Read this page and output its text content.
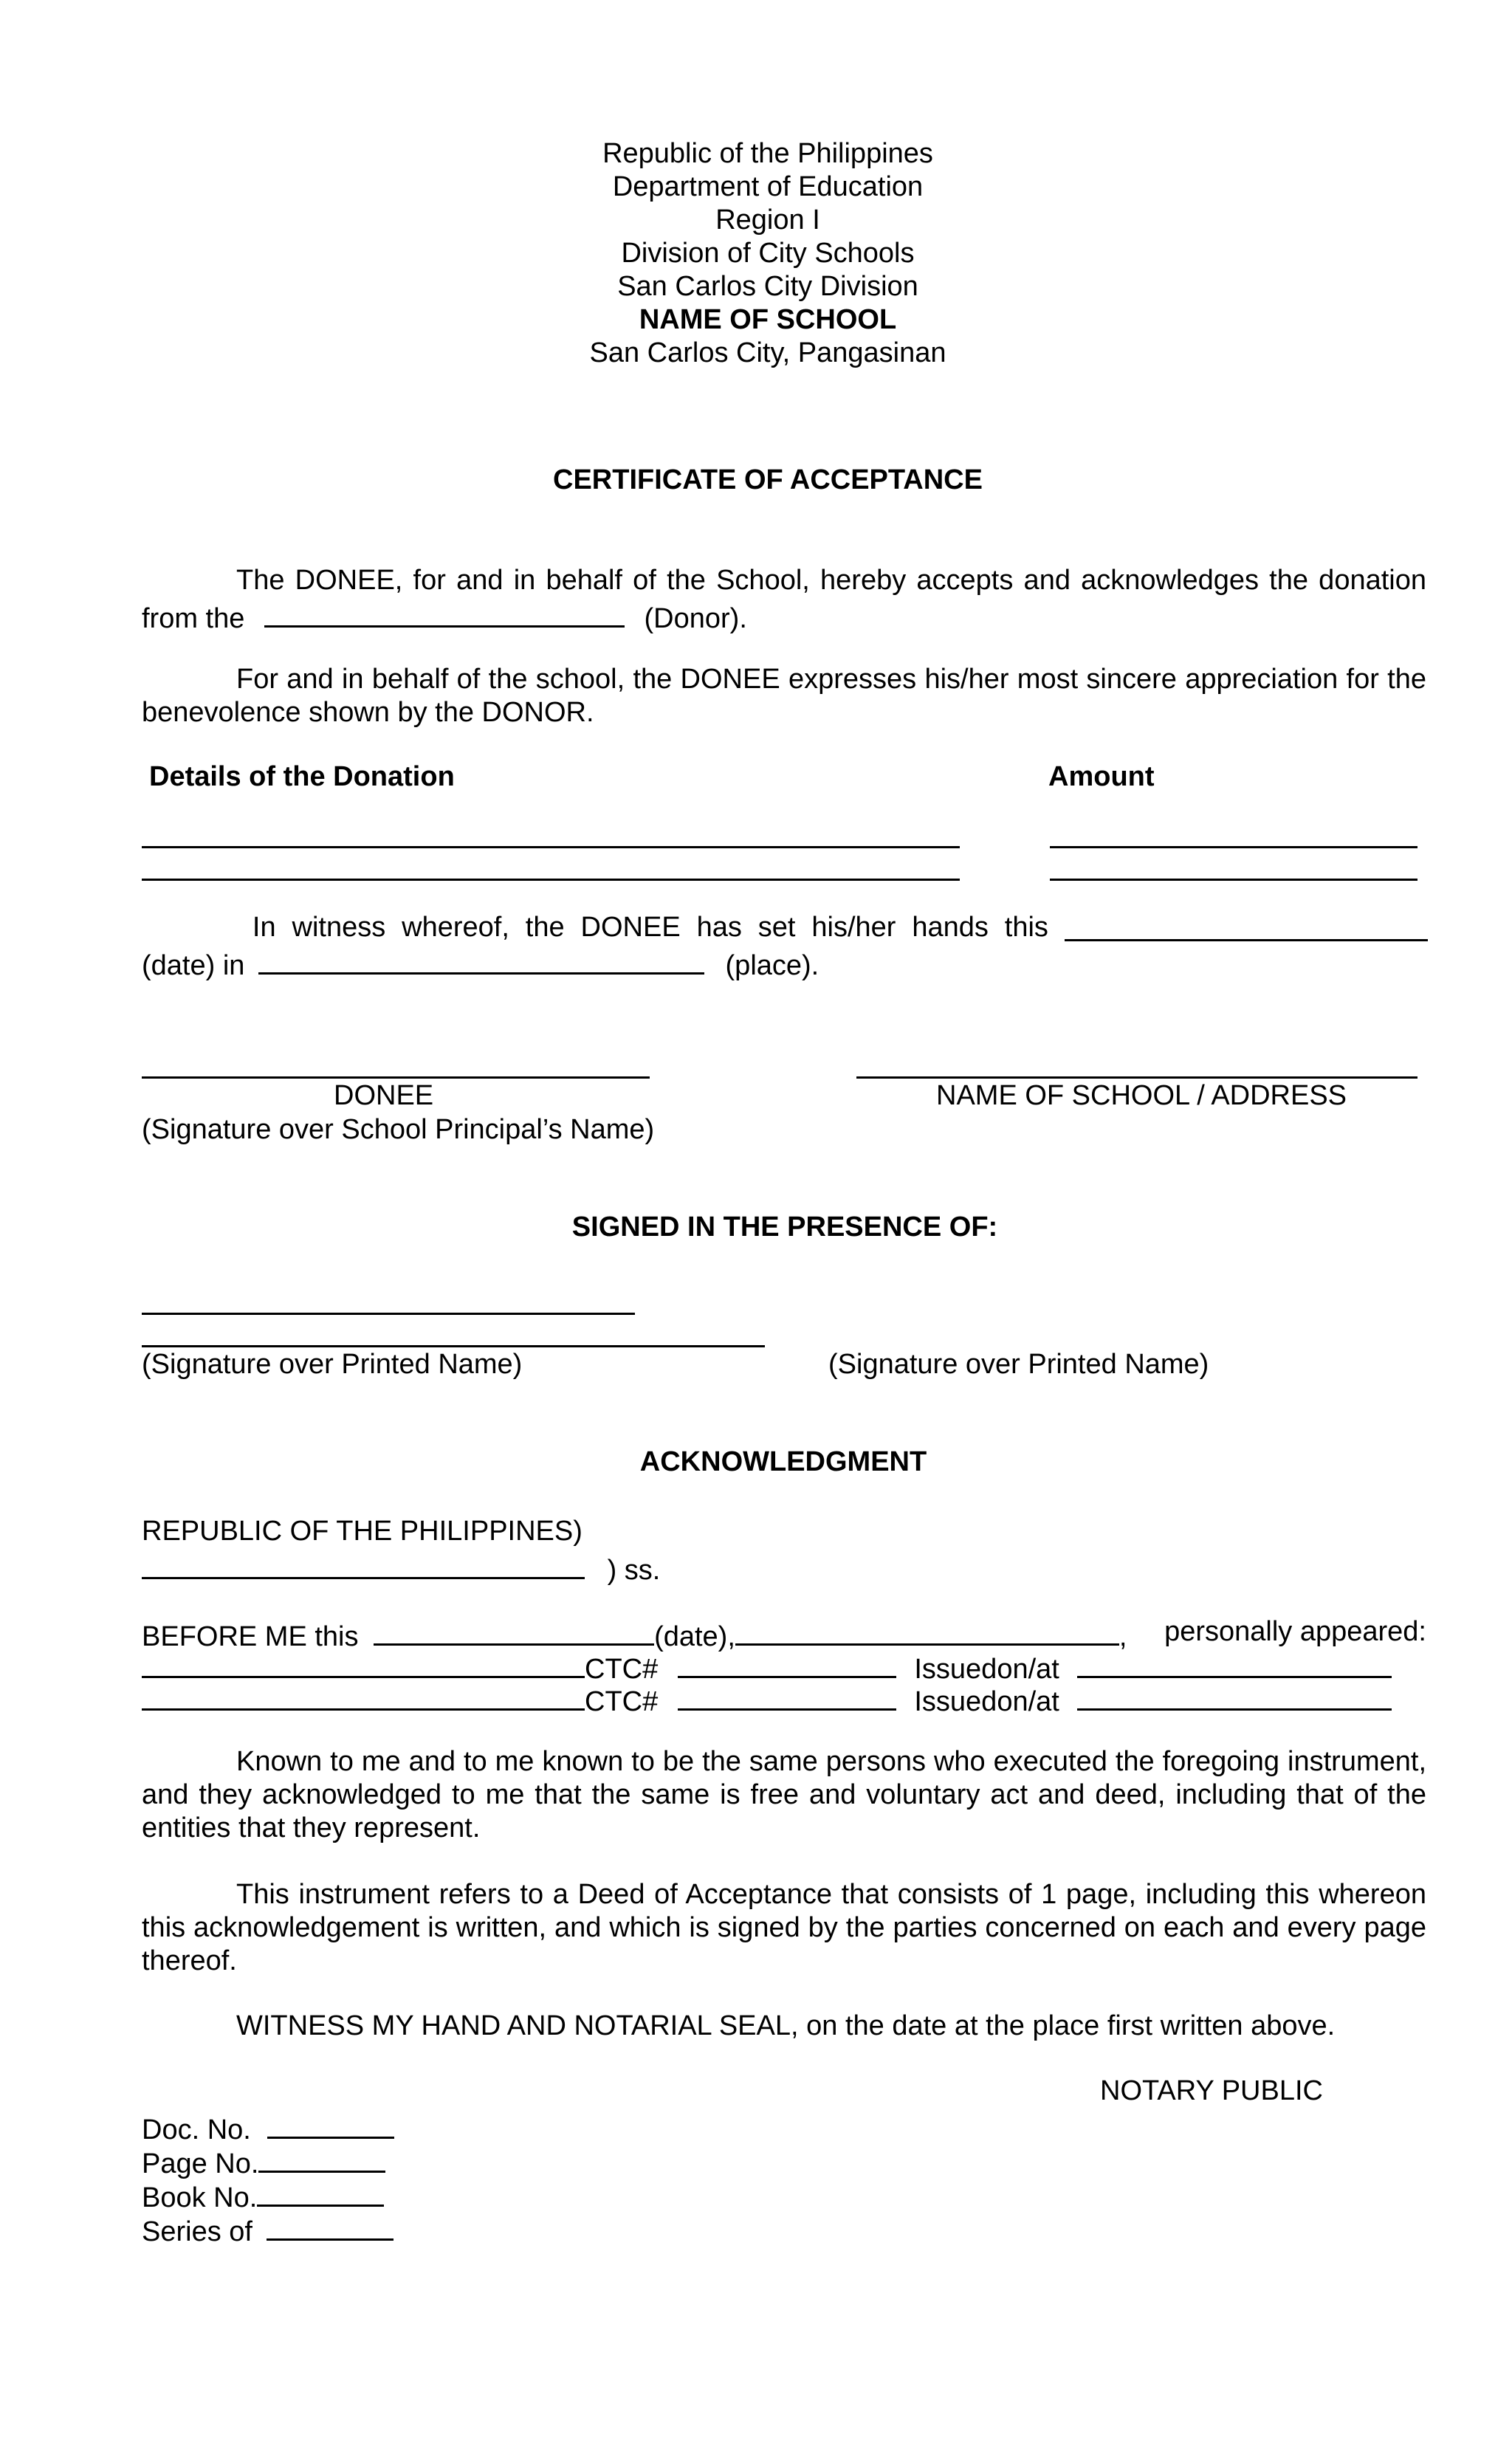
Republic of the Philippines
Department of Education
Region I
Division of City Schools
San Carlos City Division
NAME OF SCHOOL
San Carlos City, Pangasinan
CERTIFICATE OF ACCEPTANCE
The DONEE, for and in behalf of the School, hereby accepts and acknowledges the donation from the	(Donor).
For and in behalf of the school, the DONEE expresses his/her most sincere appreciation for the benevolence shown by the DONOR.
Details of the Donation	Amount
In witness whereof, the DONEE has set his/her hands this
(date) in	(place).
DONEE	NAME OF SCHOOL / ADDRESS
(Signature over School Principal’s Name)
SIGNED IN THE PRESENCE OF:
(Signature over Printed Name)	(Signature over Printed Name)
ACKNOWLEDGMENT
REPUBLIC OF THE PHILIPPINES)
) ss.
BEFORE ME this	(date),	, personally appeared:
CTC#	Issuedon/at
CTC#	Issuedon/at
Known to me and to me known to be the same persons who executed the foregoing instrument, and they acknowledged to me that the same is free and voluntary act and deed, including that of the entities that they represent.
This instrument refers to a Deed of Acceptance that consists of 1 page, including this whereon this acknowledgement is written, and which is signed by the parties concerned on each and every page thereof.
WITNESS MY HAND AND NOTARIAL SEAL, on the date at the place first written above.
NOTARY PUBLIC
Doc. No.
Page No.
Book No.
Series of
